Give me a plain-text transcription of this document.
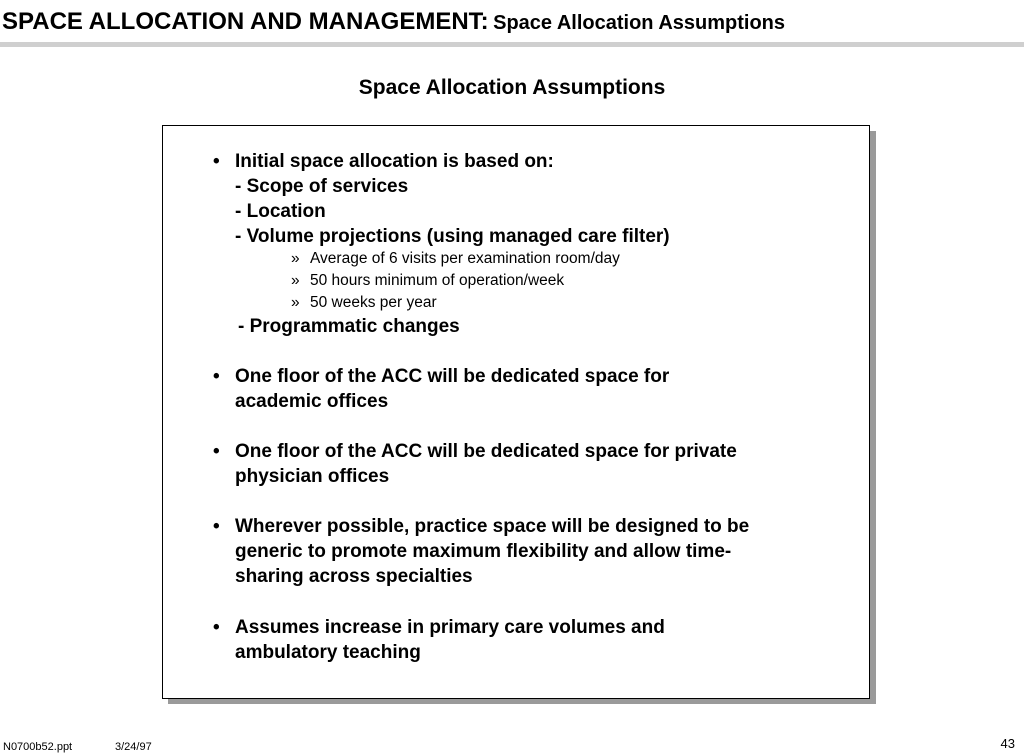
SPACE ALLOCATION AND MANAGEMENT: Space Allocation Assumptions
Space Allocation Assumptions
• Initial space allocation is based on:
- Scope of services
- Location
- Volume projections (using managed care filter)
» Average of 6 visits per examination room/day
» 50 hours minimum of operation/week
» 50 weeks per year
- Programmatic changes
• One floor of the ACC will be dedicated space for
academic offices
• One floor of the ACC will be dedicated space for private
physician offices
• Wherever possible, practice space will be designed to be
generic to promote maximum flexibility and allow time-
sharing across specialties
• Assumes increase in primary care volumes and
ambulatory teaching
N0700b52.ppt	3/24/97	43
